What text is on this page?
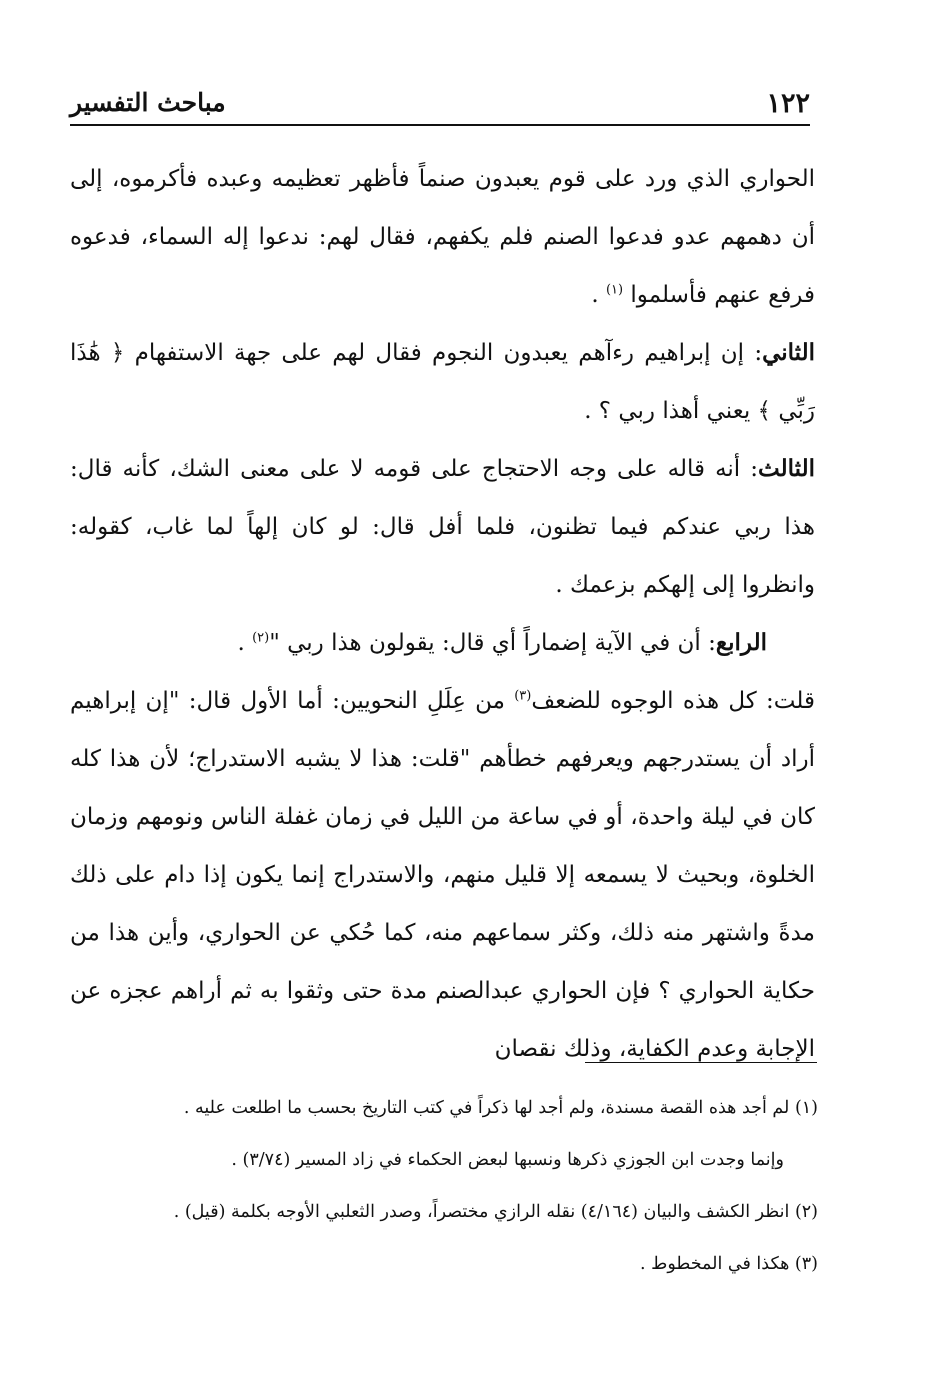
١٢٢
مباحث التفسير

الحواري الذي ورد على قوم يعبدون صنماً فأظهر تعظيمه وعبده فأكرموه، إلى أن دهمهم عدو فدعوا الصنم فلم يكفهم، فقال لهم: ندعوا إله السماء، فدعوه فرفع عنهم فأسلموا $^{(١)}$ .

الثاني: إن إبراهيم رءآهم يعبدون النجوم فقال لهم على جهة الاستفهام ﴿ هَٰذَا رَبِّي ﴾ يعني أهذا ربي ؟ .

الثالث: أنه قاله على وجه الاحتجاج على قومه لا على معنى الشك، كأنه قال: هذا ربي عندكم فيما تظنون، فلما أفل قال: لو كان إلهاً لما غاب، كقوله: وانظروا إلى إلهكم بزعمك .

الرابع: أن في الآية إضماراً أي قال: يقولون هذا ربي "$^{(٢)}$ .

قلت: كل هذه الوجوه للضعف$^{(٣)}$ من عِلَلِ النحويين: أما الأول قال: "إن إبراهيم أراد أن يستدرجهم ويعرفهم خطأهم "قلت: هذا لا يشبه الاستدراج؛ لأن هذا كله كان في ليلة واحدة، أو في ساعة من الليل في زمان غفلة الناس ونومهم وزمان الخلوة، وبحيث لا يسمعه إلا قليل منهم، والاستدراج إنما يكون إذا دام على ذلك مدةً واشتهر منه ذلك، وكثر سماعهم منه، كما حُكي عن الحواري، وأين هذا من حكاية الحواري ؟ فإن الحواري عبدالصنم مدة حتى وثقوا به ثم أراهم عجزه عن الإجابة وعدم الكفاية، وذلك نقصان

(١) لم أجد هذه القصة مسندة، ولم أجد لها ذكراً في كتب التاريخ بحسب ما اطلعت عليه .

وإنما وجدت ابن الجوزي ذكرها ونسبها لبعض الحكماء في زاد المسير (٣/٧٤) .

(٢) انظر الكشف والبيان (٤/١٦٤) نقله الرازي مختصراً، وصدر الثعلبي الأوجه بكلمة (قيل) .

(٣) هكذا في المخطوط .
